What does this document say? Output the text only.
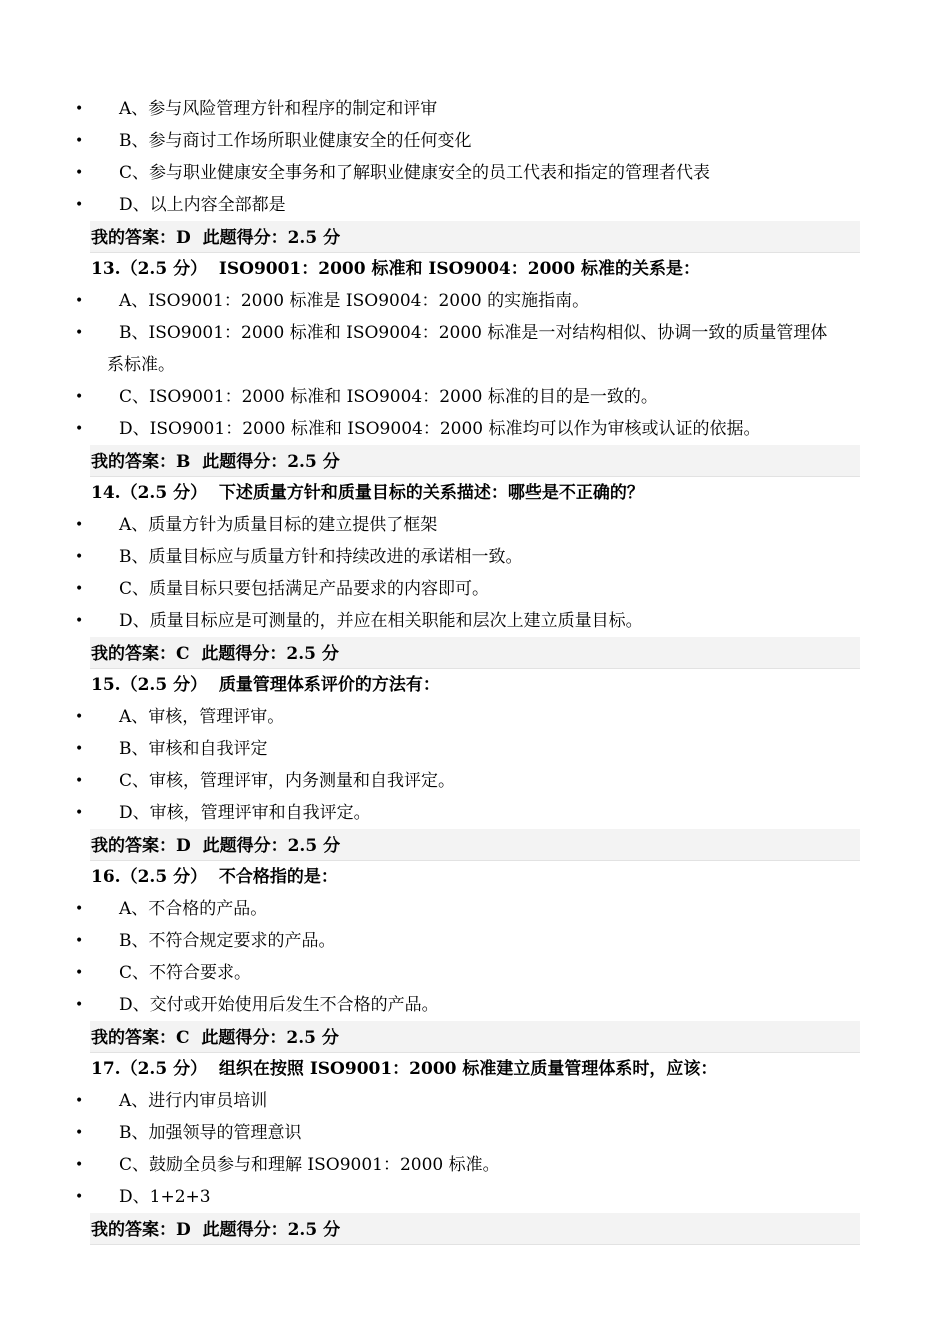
• A、参与风险管理方针和程序的制定和评审
• B、参与商讨工作场所职业健康安全的任何变化
• C、参与职业健康安全事务和了解职业健康安全的员工代表和指定的管理者代表
• D、以上内容全部都是
我的答案：D  此题得分：2.5 分
13.（2.5 分）  ISO9001：2000 标准和 ISO9004：2000 标准的关系是：
• A、ISO9001：2000 标准是 ISO9004：2000 的实施指南。
• B、ISO9001：2000 标准和 ISO9004：2000 标准是一对结构相似、协调一致的质量管理体
系标准。
• C、ISO9001：2000 标准和 ISO9004：2000 标准的目的是一致的。
• D、ISO9001：2000 标准和 ISO9004：2000 标准均可以作为审核或认证的依据。
我的答案：B  此题得分：2.5 分
14.（2.5 分）  下述质量方针和质量目标的关系描述：哪些是不正确的？
• A、质量方针为质量目标的建立提供了框架
• B、质量目标应与质量方针和持续改进的承诺相一致。
• C、质量目标只要包括满足产品要求的内容即可。
• D、质量目标应是可测量的，并应在相关职能和层次上建立质量目标。
我的答案：C  此题得分：2.5 分
15.（2.5 分）  质量管理体系评价的方法有：
• A、审核，管理评审。
• B、审核和自我评定
• C、审核，管理评审，内务测量和自我评定。
• D、审核，管理评审和自我评定。
我的答案：D  此题得分：2.5 分
16.（2.5 分）  不合格指的是：
• A、不合格的产品。
• B、不符合规定要求的产品。
• C、不符合要求。
• D、交付或开始使用后发生不合格的产品。
我的答案：C  此题得分：2.5 分
17.（2.5 分）  组织在按照 ISO9001：2000 标准建立质量管理体系时，应该：
• A、进行内审员培训
• B、加强领导的管理意识
• C、鼓励全员参与和理解 ISO9001：2000 标准。
• D、1+2+3
我的答案：D  此题得分：2.5 分
